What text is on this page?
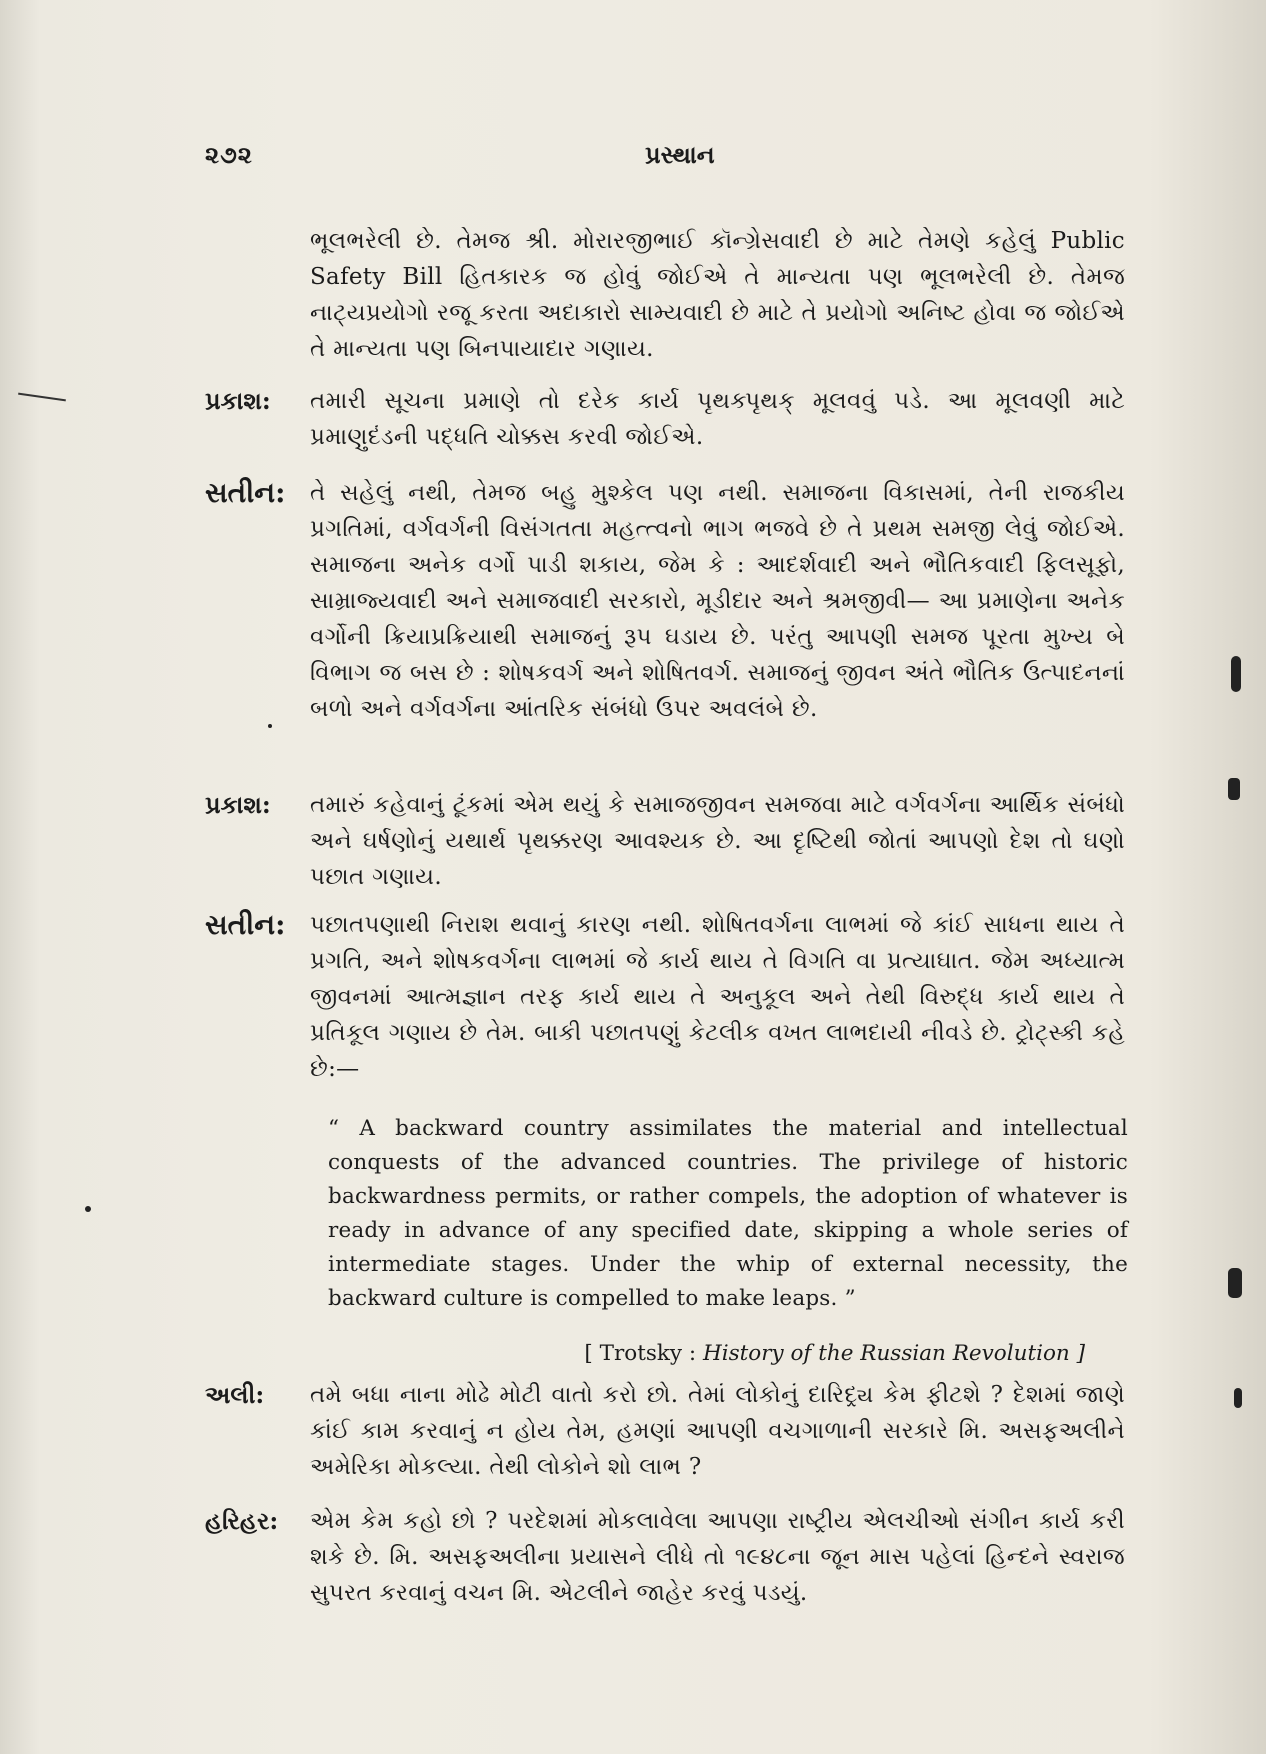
૨૭૨	પ્રસ્થાન

ભૂલભરેલી છે. તેમજ શ્રી. મોરારજીભાઈ કૉન્ગ્રેસવાદી છે માટે તેમણે કહેલું Public Safety Bill હિતકારક જ હોવું જોઈએ તે માન્યતા પણ ભૂલભરેલી છે. તેમજ નાટ્યપ્રયોગો રજૂ કરતા અદાકારો સામ્યવાદી છે માટે તે પ્રયોગો અનિષ્ટ હોવા જ જોઈએ તે માન્યતા પણ બિનપાયાદાર ગણાય.

પ્રકાશ: તમારી સૂચના પ્રમાણે તો દરેક કાર્ય પૃથક્પૃથક્ મૂલવવું પડે. આ મૂલવણી માટે પ્રમાણુદંડની પદ્ધતિ ચોક્કસ કરવી જોઈએ.

સતીન: તે સહેલું નથી, તેમજ બહુ મુશ્કેલ પણ નથી. સમાજના વિકાસમાં, તેની રાજકીય પ્રગતિમાં, વર્ગવર્ગની વિસંગતતા મહત્ત્વનો ભાગ ભજવે છે તે પ્રથમ સમજી લેવું જોઈએ. સમાજના અનેક વર્ગો પાડી શકાય, જેમ કે : આદર્શવાદી અને ભૌતિકવાદી ફિલસૂફો, સામ્રાજ્યવાદી અને સમાજવાદી સરકારો, મૂડીદાર અને શ્રમજીવી— આ પ્રમાણેના અનેક વર્ગોની ક્રિયાપ્રક્રિયાથી સમાજનું રૂપ ઘડાય છે. પરંતુ આપણી સમજ પૂરતા મુખ્ય બે વિભાગ જ બસ છે : શોષકવર્ગ અને શોષિતવર્ગ. સમાજનું જીવન અંતે ભૌતિક ઉત્પાદનનાં બળો અને વર્ગવર્ગના આંતરિક સંબંધો ઉપર અવલંબે છે.

પ્રકાશ: તમારું કહેવાનું ટૂંકમાં એમ થયું કે સમાજજીવન સમજવા માટે વર્ગવર્ગના આર્થિક સંબંધો અને ઘર્ષણોનું યથાર્થ પૃથક્કરણ આવશ્યક છે. આ દૃષ્ટિથી જોતાં આપણો દેશ તો ઘણો પછાત ગણાય.

સતીન: પછાતપણાથી નિરાશ થવાનું કારણ નથી. શોષિતવર્ગના લાભમાં જે કાંઈ સાધના થાય તે પ્રગતિ, અને શોષકવર્ગના લાભમાં જે કાર્ય થાય તે વિગતિ વા પ્રત્યાઘાત. જેમ અધ્યાત્મ જીવનમાં આત્મજ્ઞાન તરફ કાર્ય થાય તે અનુકૂલ અને તેથી વિરુદ્ધ કાર્ય થાય તે પ્રતિકૂલ ગણાય છે તેમ. બાકી પછાતપણું કેટલીક વખત લાભદાયી નીવડે છે. ટ્રોટ્સ્કી કહે છે:—

“ A backward country assimilates the material and intellectual conquests of the advanced countries. The privilege of historic backwardness permits, or rather compels, the adoption of whatever is ready in advance of any specified date, skipping a whole series of intermediate stages. Under the whip of external necessity, the backward culture is compelled to make leaps. ”

[ Trotsky : History of the Russian Revolution ]
અલી: તમે બધા નાના મોઢે મોટી વાતો કરો છો. તેમાં લોકોનું દારિદ્ર્ય કેમ ફીટશે ? દેશમાં જાણે કાંઈ કામ કરવાનું ન હોય તેમ, હમણાં આપણી વચગાળાની સરકારે મિ. અસફઅલીને અમેરિકા મોકલ્યા. તેથી લોકોને શો લાભ ?

હરિહર: એમ કેમ કહો છો ? પરદેશમાં મોકલાવેલા આપણા રાષ્ટ્રીય એલચીઓ સંગીન કાર્ય કરી શકે છે. મિ. અસફઅલીના પ્રયાસને લીધે તો ૧૯૪૮ના જૂન માસ પહેલાં હિન્દને સ્વરાજ સુપરત કરવાનું વચન મિ. એટલીને જાહેર કરવું પડયું.
